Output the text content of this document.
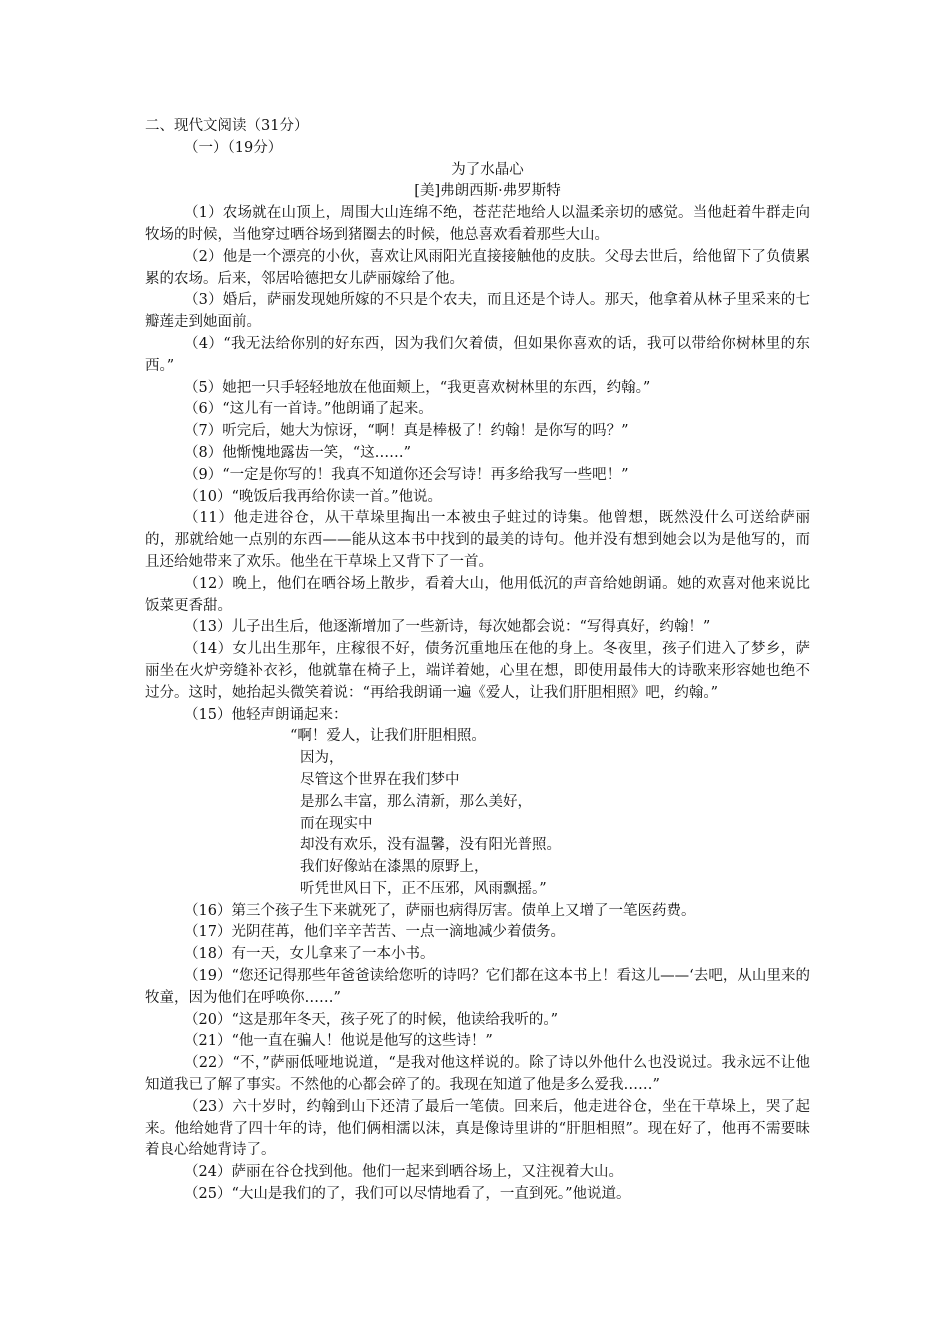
二、现代文阅读（31分）
（一）（19分）
为了水晶心
[美]弗朗西斯·弗罗斯特

（1）农场就在山顶上，周围大山连绵不绝，苍茫茫地给人以温柔亲切的感觉。当他赶着牛群走向牧场的时候，当他穿过晒谷场到猪圈去的时候，他总喜欢看着那些大山。

（2）他是一个漂亮的小伙，喜欢让风雨阳光直接接触他的皮肤。父母去世后，给他留下了负债累累的农场。后来，邻居哈德把女儿萨丽嫁给了他。

（3）婚后，萨丽发现她所嫁的不只是个农夫，而且还是个诗人。那天，他拿着从林子里采来的七瓣莲走到她面前。

（4）“我无法给你别的好东西，因为我们欠着债，但如果你喜欢的话，我可以带给你树林里的东西。”

（5）她把一只手轻轻地放在他面颊上，“我更喜欢树林里的东西，约翰。”

（6）“这儿有一首诗。”他朗诵了起来。

（7）听完后，她大为惊讶，“啊！真是棒极了！约翰！是你写的吗？”

（8）他惭愧地露齿一笑，“这……”

（9）“一定是你写的！我真不知道你还会写诗！再多给我写一些吧！”

（10）“晚饭后我再给你读一首。”他说。

（11）他走进谷仓，从干草垛里掏出一本被虫子蛀过的诗集。他曾想，既然没什么可送给萨丽的，那就给她一点别的东西——能从这本书中找到的最美的诗句。他并没有想到她会以为是他写的，而且还给她带来了欢乐。他坐在干草垛上又背下了一首。

（12）晚上，他们在晒谷场上散步，看着大山，他用低沉的声音给她朗诵。她的欢喜对他来说比饭菜更香甜。

（13）儿子出生后，他逐渐增加了一些新诗，每次她都会说：“写得真好，约翰！”

（14）女儿出生那年，庄稼很不好，债务沉重地压在他的身上。冬夜里，孩子们进入了梦乡，萨丽坐在火炉旁缝补衣衫，他就靠在椅子上，端详着她，心里在想，即使用最伟大的诗歌来形容她也绝不过分。这时，她抬起头微笑着说：“再给我朗诵一遍《爱人，让我们肝胆相照》吧，约翰。”

（15）他轻声朗诵起来：

“啊！爱人，让我们肝胆相照。
因为，
尽管这个世界在我们梦中
是那么丰富，那么清新，那么美好，
而在现实中
却没有欢乐，没有温馨，没有阳光普照。
我们好像站在漆黑的原野上，
听凭世风日下，正不压邪，风雨飘摇。”

（16）第三个孩子生下来就死了，萨丽也病得厉害。债单上又增了一笔医药费。

（17）光阴荏苒，他们辛辛苦苦、一点一滴地减少着债务。

（18）有一天，女儿拿来了一本小书。

（19）“您还记得那些年爸爸读给您听的诗吗？它们都在这本书上！看这儿——‘去吧，从山里来的牧童，因为他们在呼唤你……”

（20）“这是那年冬天，孩子死了的时候，他读给我听的。”

（21）“他一直在骗人！他说是他写的这些诗！”

（22）“不，”萨丽低哑地说道，“是我对他这样说的。除了诗以外他什么也没说过。我永远不让他知道我已了解了事实。不然他的心都会碎了的。我现在知道了他是多么爱我……”

（23）六十岁时，约翰到山下还清了最后一笔债。回来后，他走进谷仓，坐在干草垛上，哭了起来。他给她背了四十年的诗，他们俩相濡以沫，真是像诗里讲的“肝胆相照”。现在好了，他再不需要昧着良心给她背诗了。

（24）萨丽在谷仓找到他。他们一起来到晒谷场上，又注视着大山。

（25）“大山是我们的了，我们可以尽情地看了，一直到死。”他说道。
